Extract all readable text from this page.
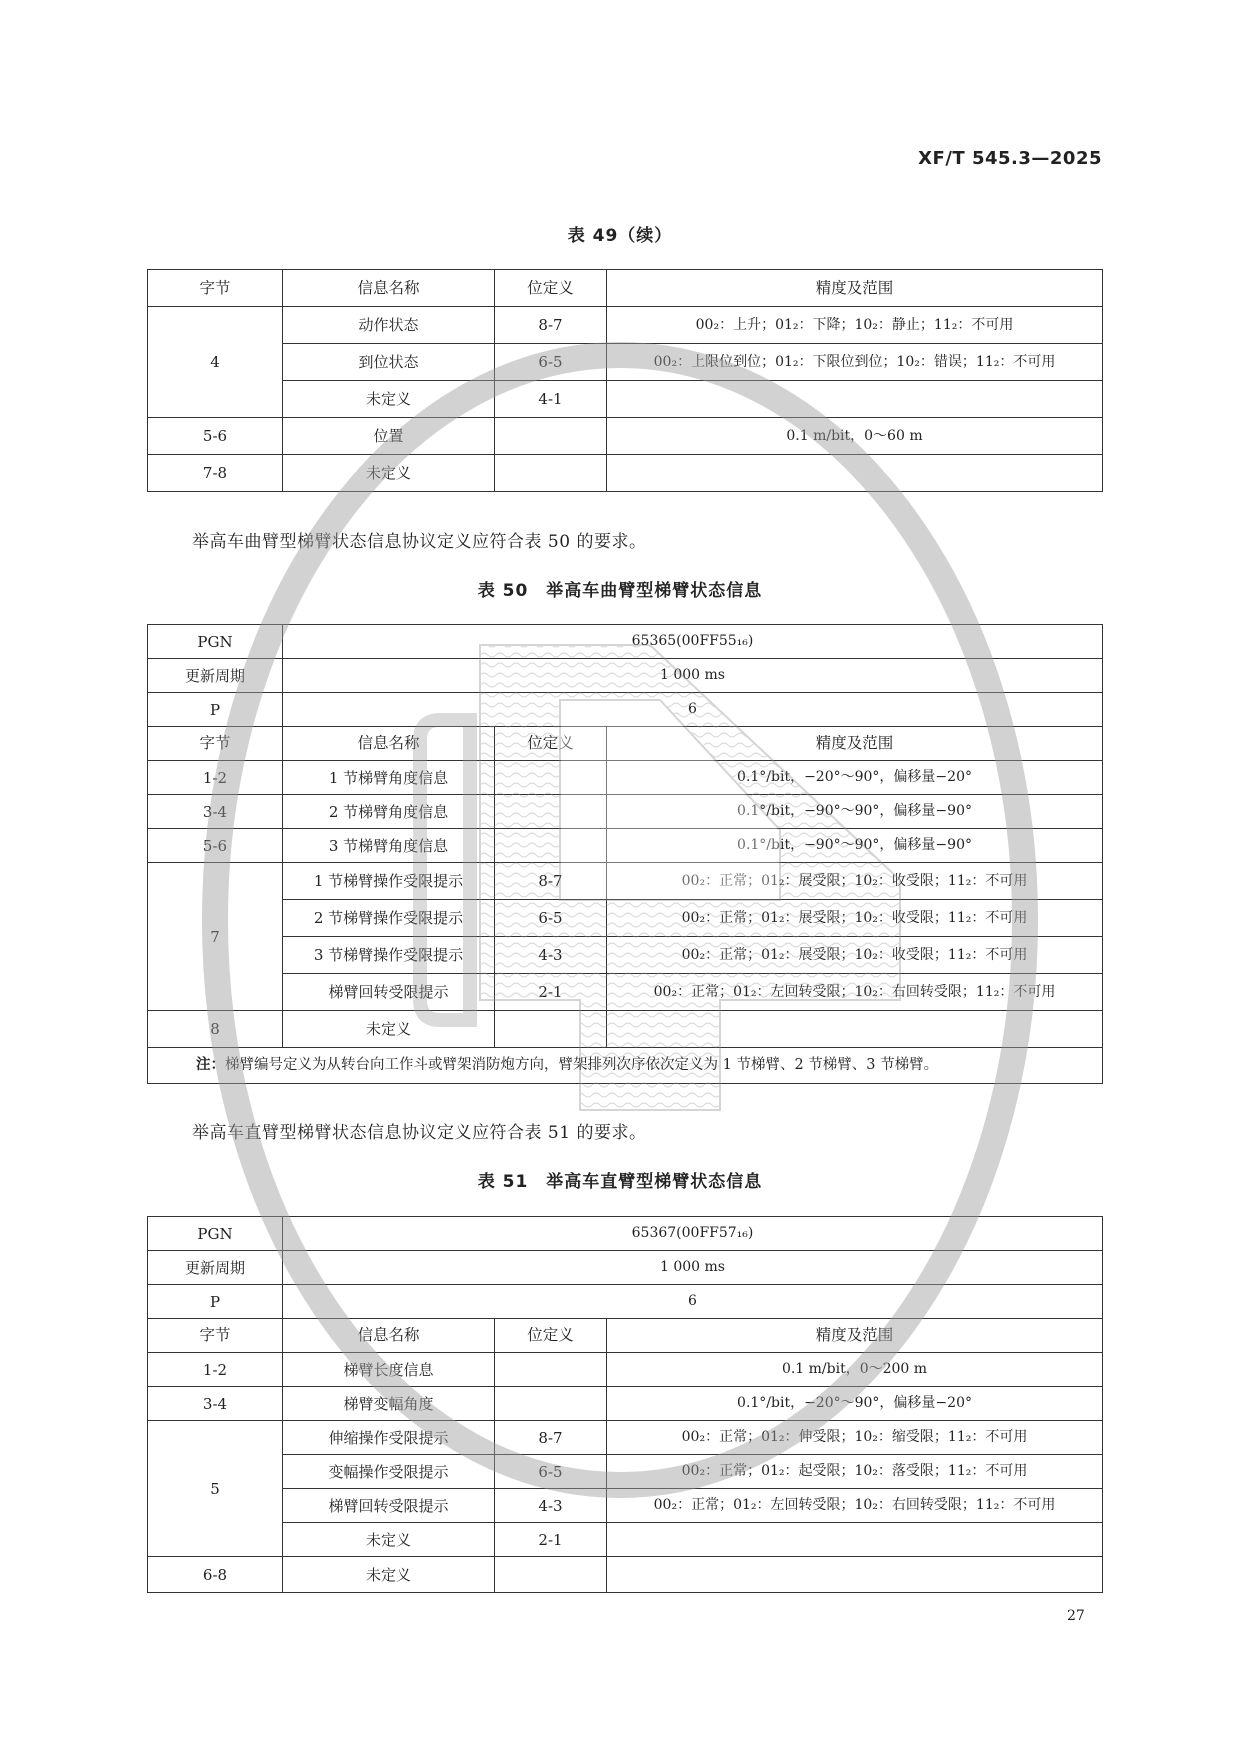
XF/T 545.3—2025
表 49（续）
字节	信息名称	位定义	精度及范围
4	动作状态	8-7	00₂：上升；01₂：下降；10₂：静止；11₂：不可用
	到位状态	6-5	00₂：上限位到位；01₂：下限位到位；10₂：错误；11₂：不可用
	未定义	4-1	
5-6	位置		0.1 m/bit，0～60 m
7-8	未定义		
举高车曲臂型梯臂状态信息协议定义应符合表 50 的要求。
表 50　举高车曲臂型梯臂状态信息
PGN	65365(00FF55₁₆)		
更新周期	1 000 ms		
P	6		
字节	信息名称	位定义	精度及范围
1-2	1 节梯臂角度信息		0.1°/bit，−20°～90°，偏移量−20°
3-4	2 节梯臂角度信息		0.1°/bit，−90°～90°，偏移量−90°
5-6	3 节梯臂角度信息		0.1°/bit，−90°～90°，偏移量−90°
7	1 节梯臂操作受限提示	8-7	00₂：正常；01₂：展受限；10₂：收受限；11₂：不可用
	2 节梯臂操作受限提示	6-5	00₂：正常；01₂：展受限；10₂：收受限；11₂：不可用
	3 节梯臂操作受限提示	4-3	00₂：正常；01₂：展受限；10₂：收受限；11₂：不可用
	梯臂回转受限提示	2-1	00₂：正常；01₂：左回转受限；10₂：右回转受限；11₂：不可用
8	未定义		
注：梯臂编号定义为从转台向工作斗或臂架消防炮方向，臂架排列次序依次定义为 1 节梯臂、2 节梯臂、3 节梯臂。			
举高车直臂型梯臂状态信息协议定义应符合表 51 的要求。
表 51　举高车直臂型梯臂状态信息
PGN	65367(00FF57₁₆)		
更新周期	1 000 ms		
P	6		
字节	信息名称	位定义	精度及范围
1-2	梯臂长度信息		0.1 m/bit，0～200 m
3-4	梯臂变幅角度		0.1°/bit，−20°～90°，偏移量−20°
5	伸缩操作受限提示	8-7	00₂：正常；01₂：伸受限；10₂：缩受限；11₂：不可用
	变幅操作受限提示	6-5	00₂：正常；01₂：起受限；10₂：落受限；11₂：不可用
	梯臂回转受限提示	4-3	00₂：正常；01₂：左回转受限；10₂：右回转受限；11₂：不可用
	未定义	2-1	
6-8	未定义		
27
